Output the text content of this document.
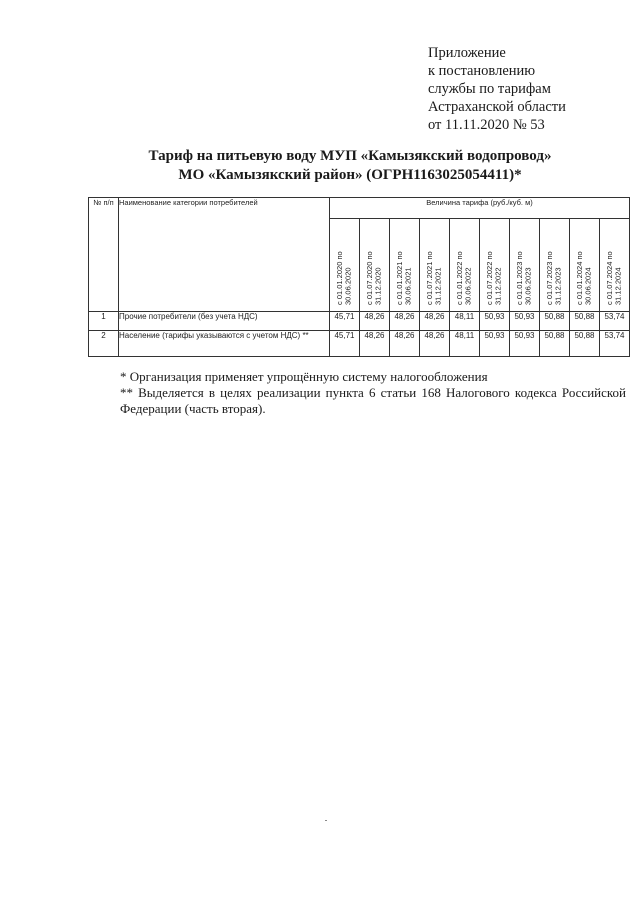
Приложение
к постановлению
службы по тарифам
Астраханской области
от 11.11.2020 № 53
Тариф на питьевую воду МУП «Камызякский водопровод»
МО «Камызякский район» (ОГРН1163025054411)*
№ п/п	Наименование категории потребителей	Величина тарифа (руб./куб. м)									

		с 01.01.2020 по 30.06.2020	с 01.07.2020 по 31.12.2020	с 01.01.2021 по 30.06.2021	с 01.07.2021 по 31.12.2021	с 01.01.2022 по 30.06.2022	с 01.07.2022 по 31.12.2022	с 01.01.2023 по 30.06.2023	с 01.07.2023 по 31.12.2023	с 01.01.2024 по 30.06.2024	с 01.07.2024 по 31.12.2024

1	Прочие потребители (без учета НДС)	45,71	48,26	48,26	48,26	48,11	50,93	50,93	50,88	50,88	53,74
2	Население (тарифы указываются с учетом НДС) **	45,71	48,26	48,26	48,26	48,11	50,93	50,93	50,88	50,88	53,74
* Организация применяет упрощённую систему налогообложения
** Выделяется в целях реализации пункта 6 статьи 168 Налогового кодекса Российской Федерации (часть вторая).
